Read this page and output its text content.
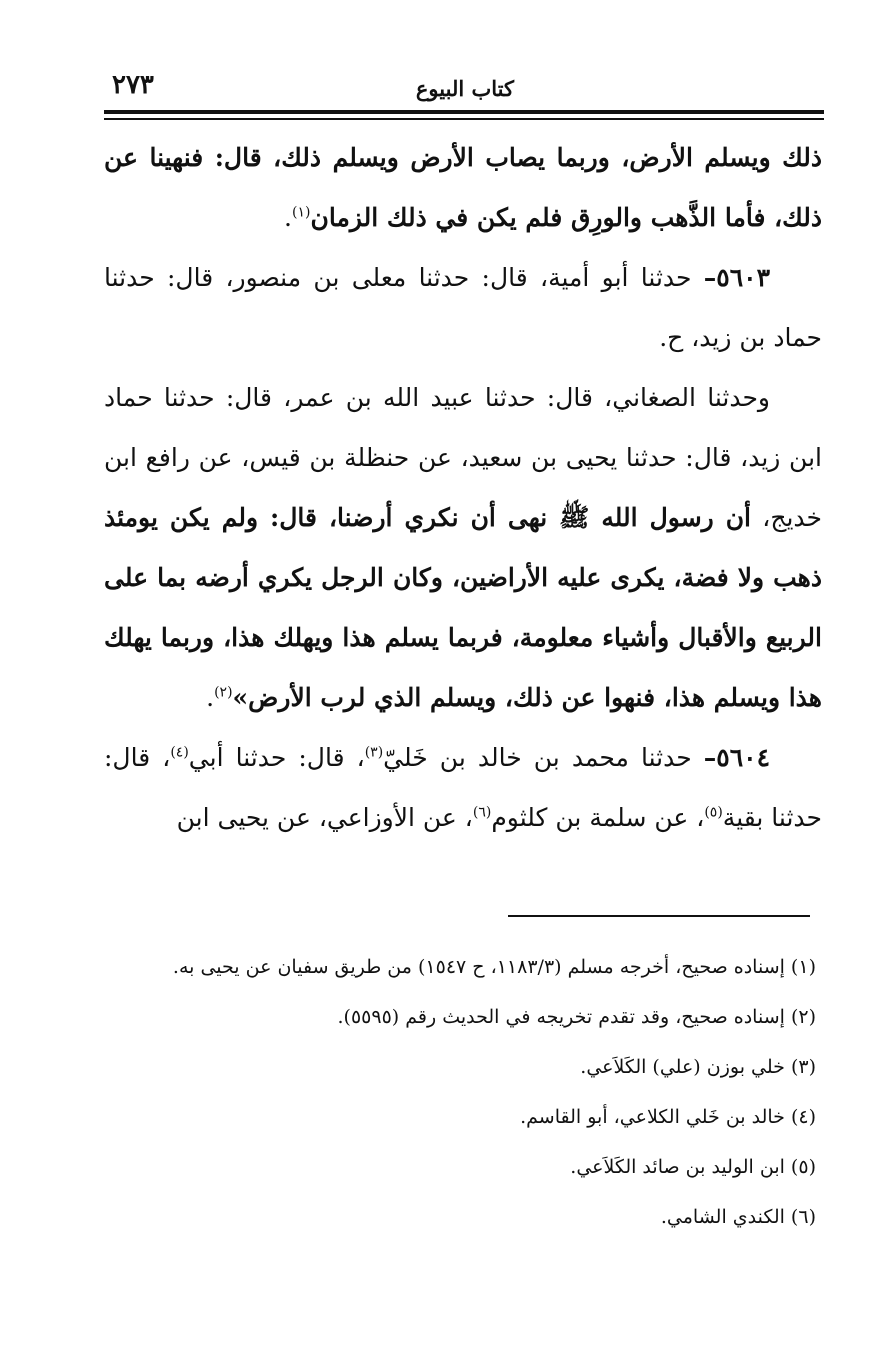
كتاب البيوع
٢٧٣

ذلك ويسلم الأرض، وربما يصاب الأرض ويسلم ذلك، قال: فنهينا عن ذلك، فأما الذَّهب والورِق فلم يكن في ذلك الزمان$^{(١)}$.

٥٦٠٣– حدثنا أبو أمية، قال: حدثنا معلى بن منصور، قال: حدثنا حماد بن زيد، ح.

وحدثنا الصغاني، قال: حدثنا عبيد الله بن عمر، قال: حدثنا حماد ابن زيد، قال: حدثنا يحيى بن سعيد، عن حنظلة بن قيس، عن رافع ابن خديج، أن رسول الله ﷺ نهى أن نكري أرضنا، قال: ولم يكن يومئذ ذهب ولا فضة، يكرى عليه الأراضين، وكان الرجل يكري أرضه بما على الربيع والأقبال وأشياء معلومة، فربما يسلم هذا ويهلك هذا، وربما يهلك هذا ويسلم هذا، فنهوا عن ذلك، ويسلم الذي لرب الأرض»$^{(٢)}$.

٥٦٠٤– حدثنا محمد بن خالد بن خَليّ$^{(٣)}$، قال: حدثنا أبي$^{(٤)}$، قال: حدثنا بقية$^{(٥)}$، عن سلمة بن كلثوم$^{(٦)}$، عن الأوزاعي، عن يحيى ابن

(١) إسناده صحيح، أخرجه مسلم (١١٨٣/٣، ح ١٥٤٧) من طريق سفيان عن يحيى به.

(٢) إسناده صحيح، وقد تقدم تخريجه في الحديث رقم (٥٥٩٥).

(٣) خلي بوزن (علي) الكَلاَعي.

(٤) خالد بن خَلي الكلاعي، أبو القاسم.

(٥) ابن الوليد بن صائد الكَلاَعي.

(٦) الكندي الشامي.
